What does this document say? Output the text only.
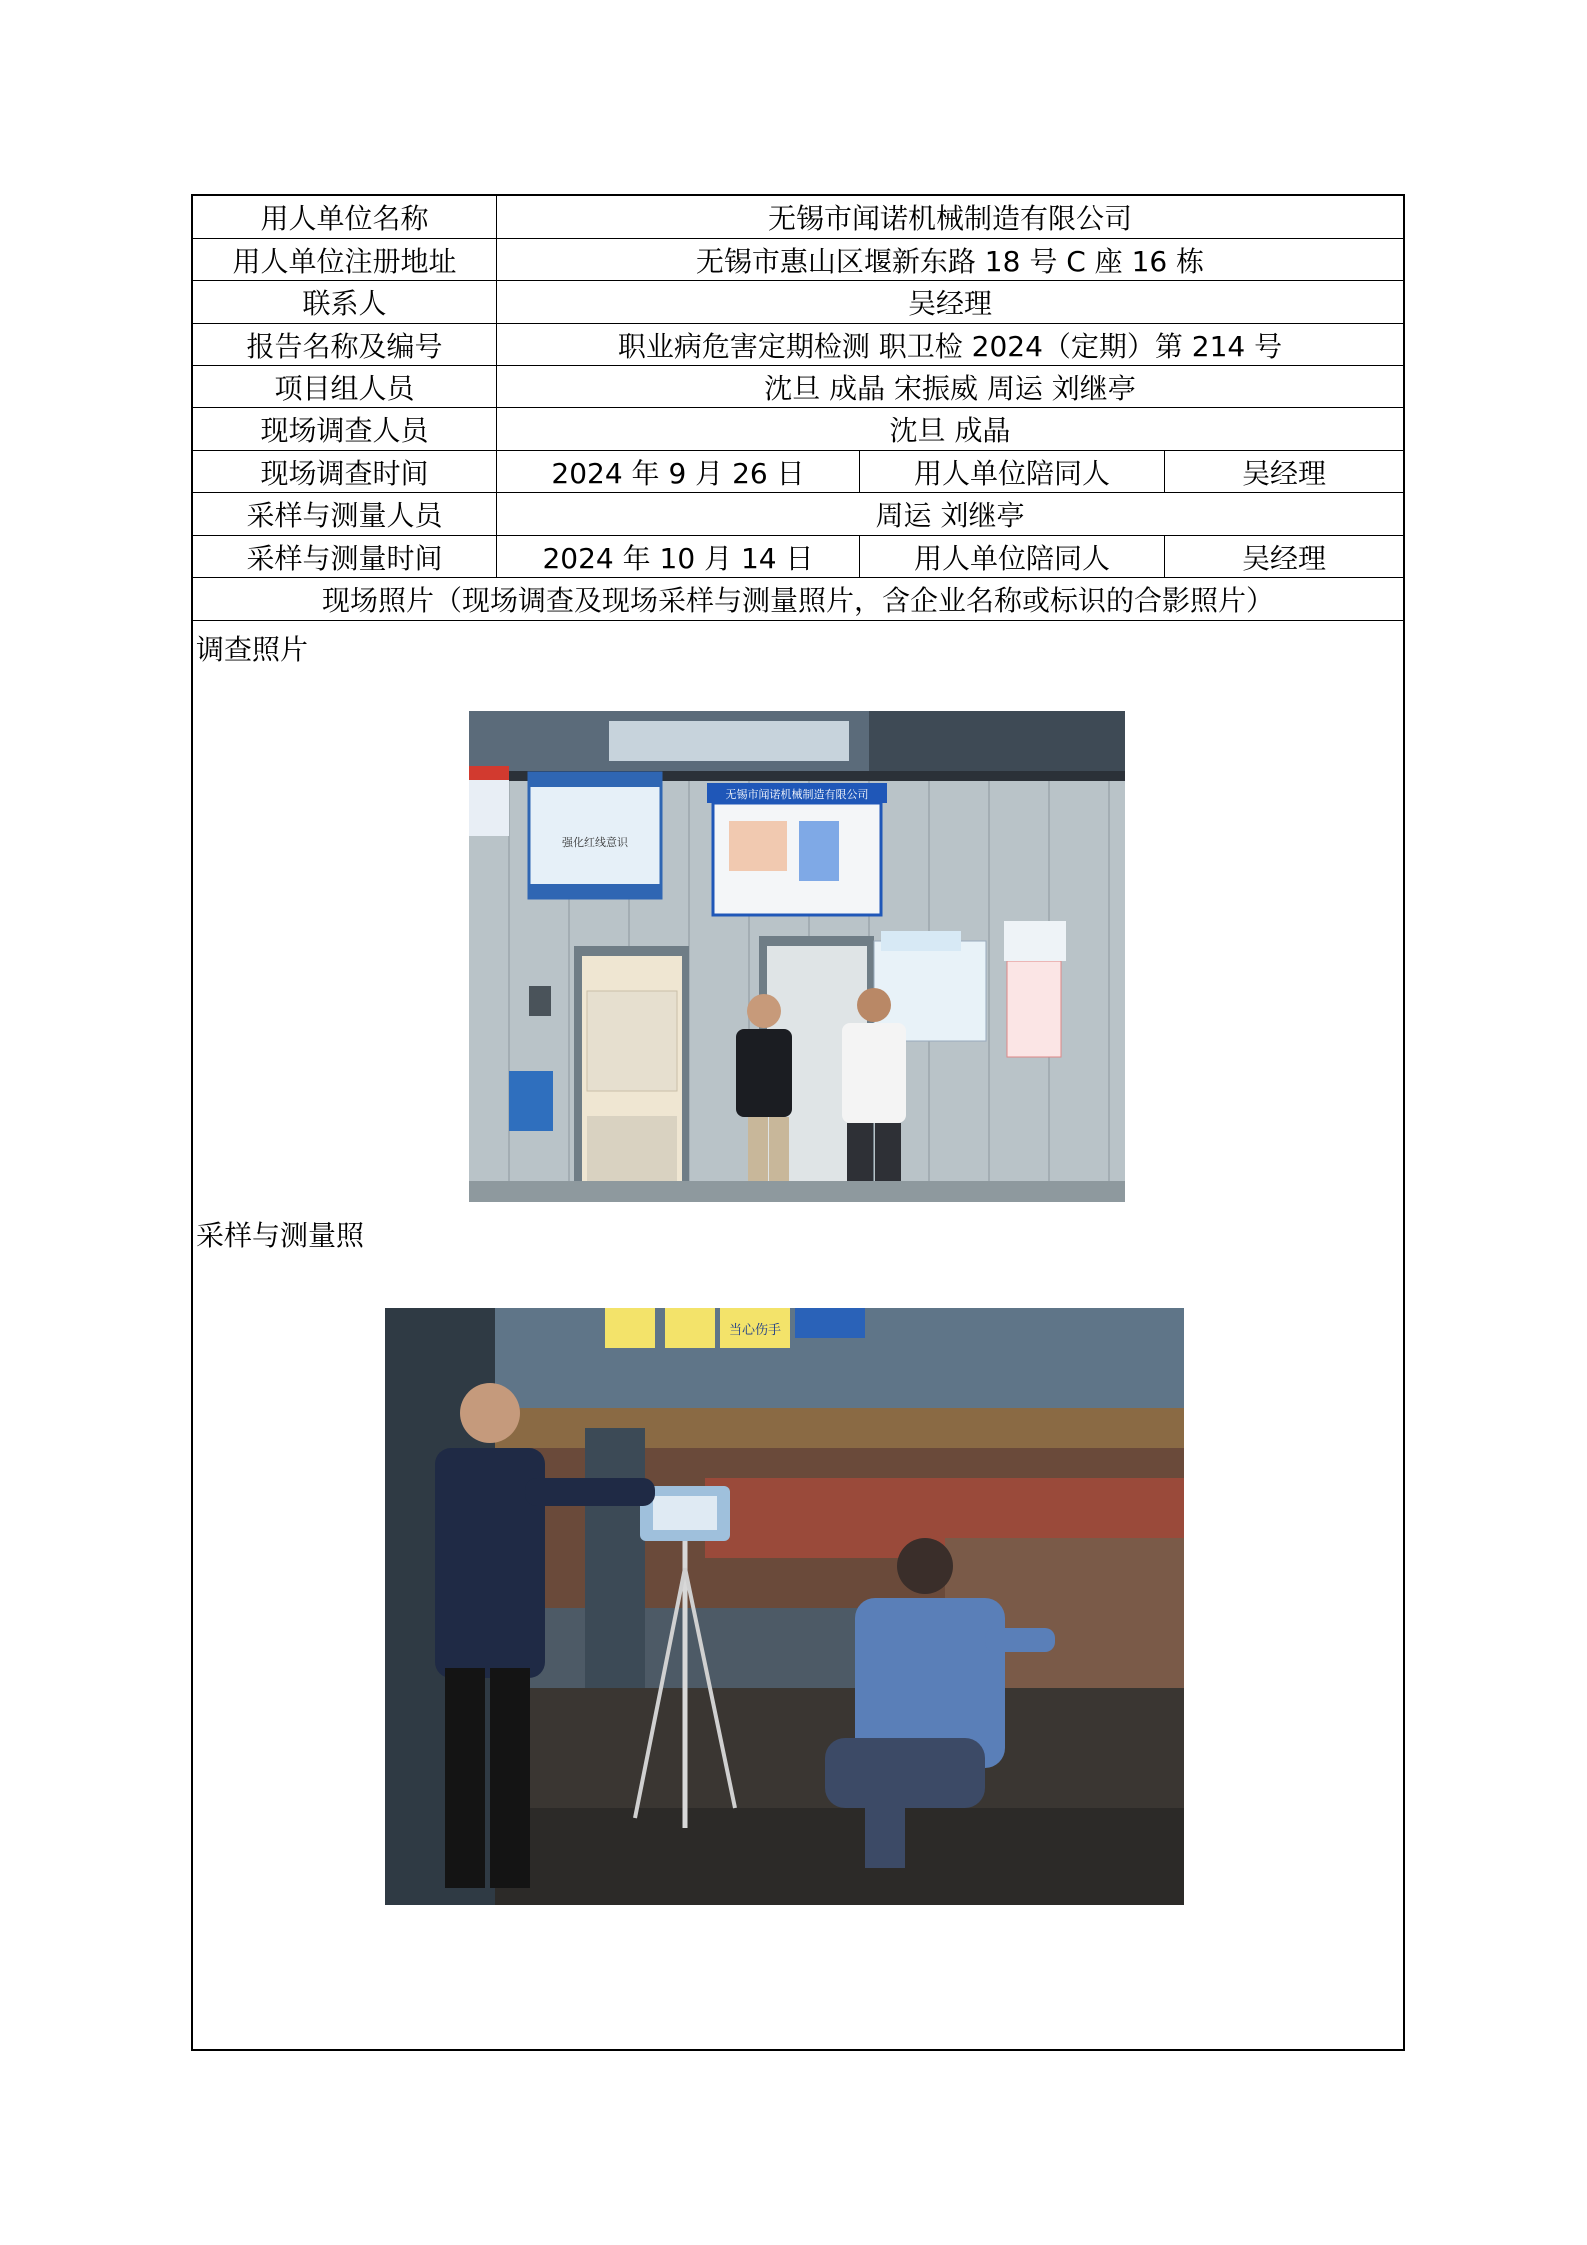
用人单位名称	无锡市闻诺机械制造有限公司
用人单位注册地址	无锡市惠山区堰新东路 18 号 C 座 16 栋
联系人	吴经理
报告名称及编号	职业病危害定期检测 职卫检 2024（定期）第 214 号
项目组人员	沈旦 成晶 宋振威 周运 刘继亭
现场调查人员	沈旦 成晶
现场调查时间	2024 年 9 月 26 日	用人单位陪同人	吴经理
采样与测量人员	周运 刘继亭
采样与测量时间	2024 年 10 月 14 日	用人单位陪同人	吴经理
现场照片（现场调查及现场采样与测量照片，含企业名称或标识的合影照片）
调查照片
强化红线意识
无锡市闻诺机械制造有限公司
采样与测量照
当心伤手
